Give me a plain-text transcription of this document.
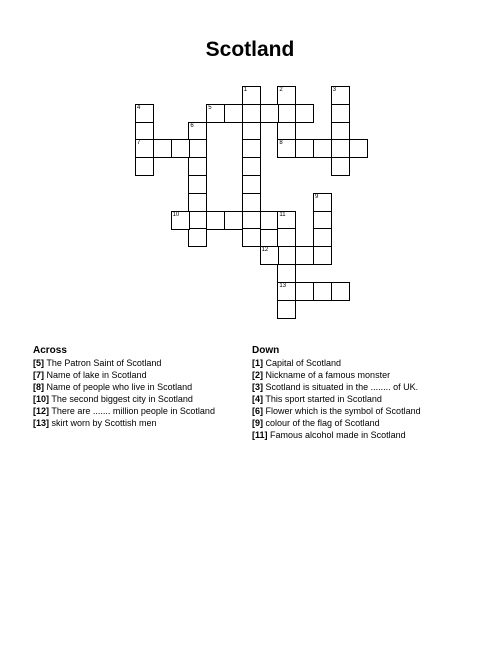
Scotland
1	2
8
3
4
7
5
6
9
10	11
13
12
Across
[5] The Patron Saint of Scotland
[7] Name of lake in Scotland
[8] Name of people who live in Scotland
[10] The second biggest city in Scotland
[12] There are ....... million people in Scotland
[13] skirt worn by Scottish men
Down
[1] Capital of Scotland
[2] Nickname of a famous monster
[3] Scotland is situated in the ........ of UK.
[4] This sport started in Scotland
[6] Flower which is the symbol of Scotland
[9] colour of the flag of Scotland
[11] Famous alcohol made in Scotland
